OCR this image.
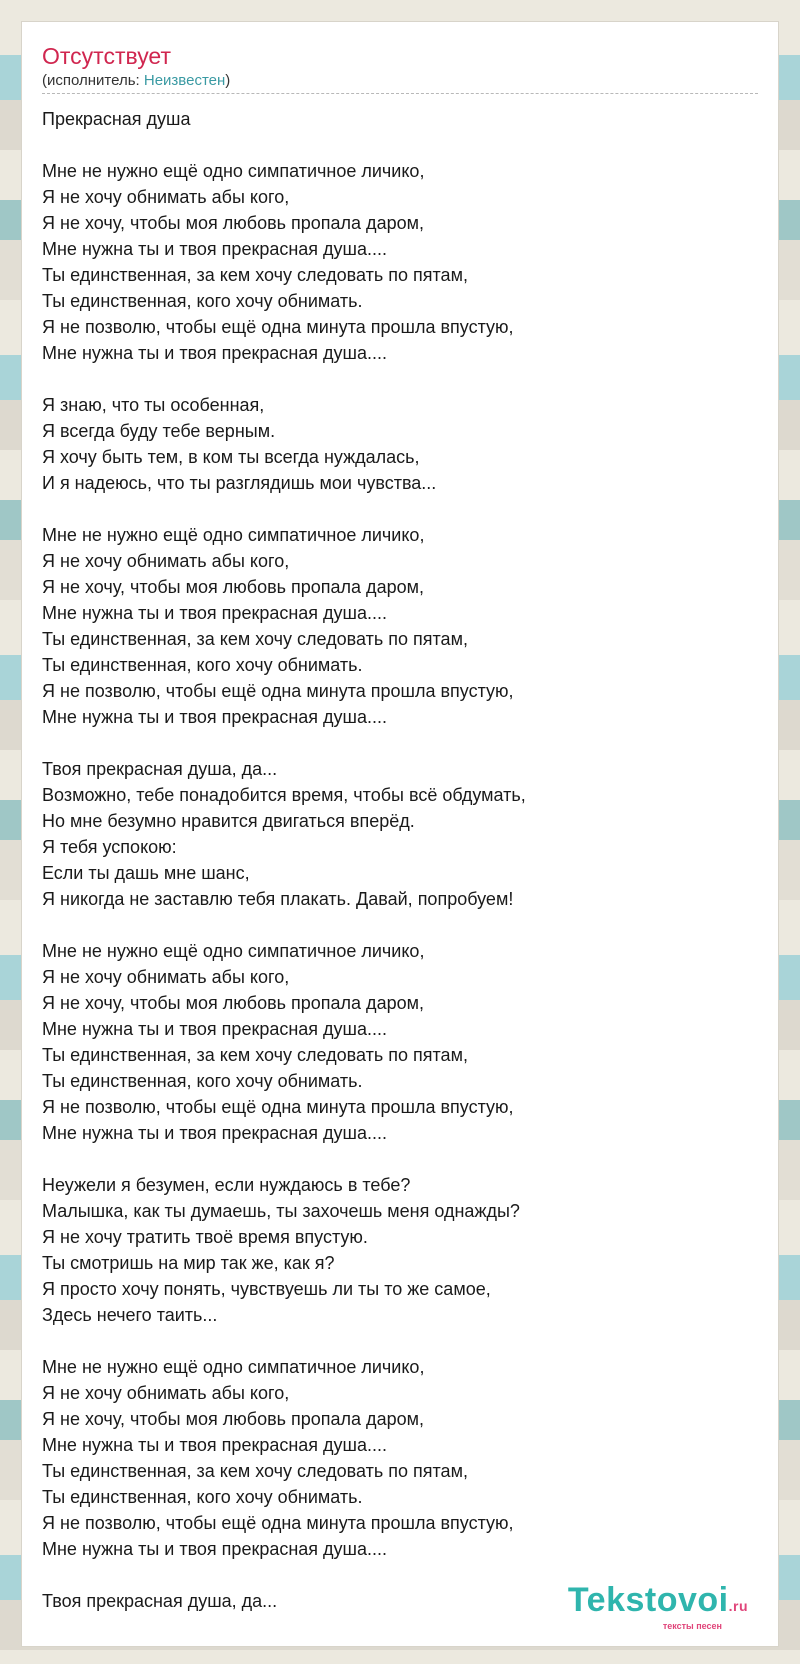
Отсутствует
(исполнитель: Неизвестен)
Прекрасная душа
Мне не нужно ещё одно симпатичное личико,
Я не хочу обнимать абы кого,
Я не хочу, чтобы моя любовь пропала даром,
Мне нужна ты и твоя прекрасная душа....
Ты единственная, за кем хочу следовать по пятам,
Ты единственная, кого хочу обнимать.
Я не позволю, чтобы ещё одна минута прошла впустую,
Мне нужна ты и твоя прекрасная душа....
Я знаю, что ты особенная,
Я всегда буду тебе верным.
Я хочу быть тем, в ком ты всегда нуждалась,
И я надеюсь, что ты разглядишь мои чувства...
Мне не нужно ещё одно симпатичное личико,
Я не хочу обнимать абы кого,
Я не хочу, чтобы моя любовь пропала даром,
Мне нужна ты и твоя прекрасная душа....
Ты единственная, за кем хочу следовать по пятам,
Ты единственная, кого хочу обнимать.
Я не позволю, чтобы ещё одна минута прошла впустую,
Мне нужна ты и твоя прекрасная душа....
Твоя прекрасная душа, да...
Возможно, тебе понадобится время, чтобы всё обдумать,
Но мне безумно нравится двигаться вперёд.
Я тебя успокою:
Если ты дашь мне шанс,
Я никогда не заставлю тебя плакать. Давай, попробуем!
Мне не нужно ещё одно симпатичное личико,
Я не хочу обнимать абы кого,
Я не хочу, чтобы моя любовь пропала даром,
Мне нужна ты и твоя прекрасная душа....
Ты единственная, за кем хочу следовать по пятам,
Ты единственная, кого хочу обнимать.
Я не позволю, чтобы ещё одна минута прошла впустую,
Мне нужна ты и твоя прекрасная душа....
Неужели я безумен, если нуждаюсь в тебе?
Малышка, как ты думаешь, ты захочешь меня однажды?
Я не хочу тратить твоё время впустую.
Ты смотришь на мир так же, как я?
Я просто хочу понять, чувствуешь ли ты то же самое,
Здесь нечего таить...
Мне не нужно ещё одно симпатичное личико,
Я не хочу обнимать абы кого,
Я не хочу, чтобы моя любовь пропала даром,
Мне нужна ты и твоя прекрасная душа....
Ты единственная, за кем хочу следовать по пятам,
Ты единственная, кого хочу обнимать.
Я не позволю, чтобы ещё одна минута прошла впустую,
Мне нужна ты и твоя прекрасная душа....
Твоя прекрасная душа, да...	Tekstovoi.ru
тексты песен
